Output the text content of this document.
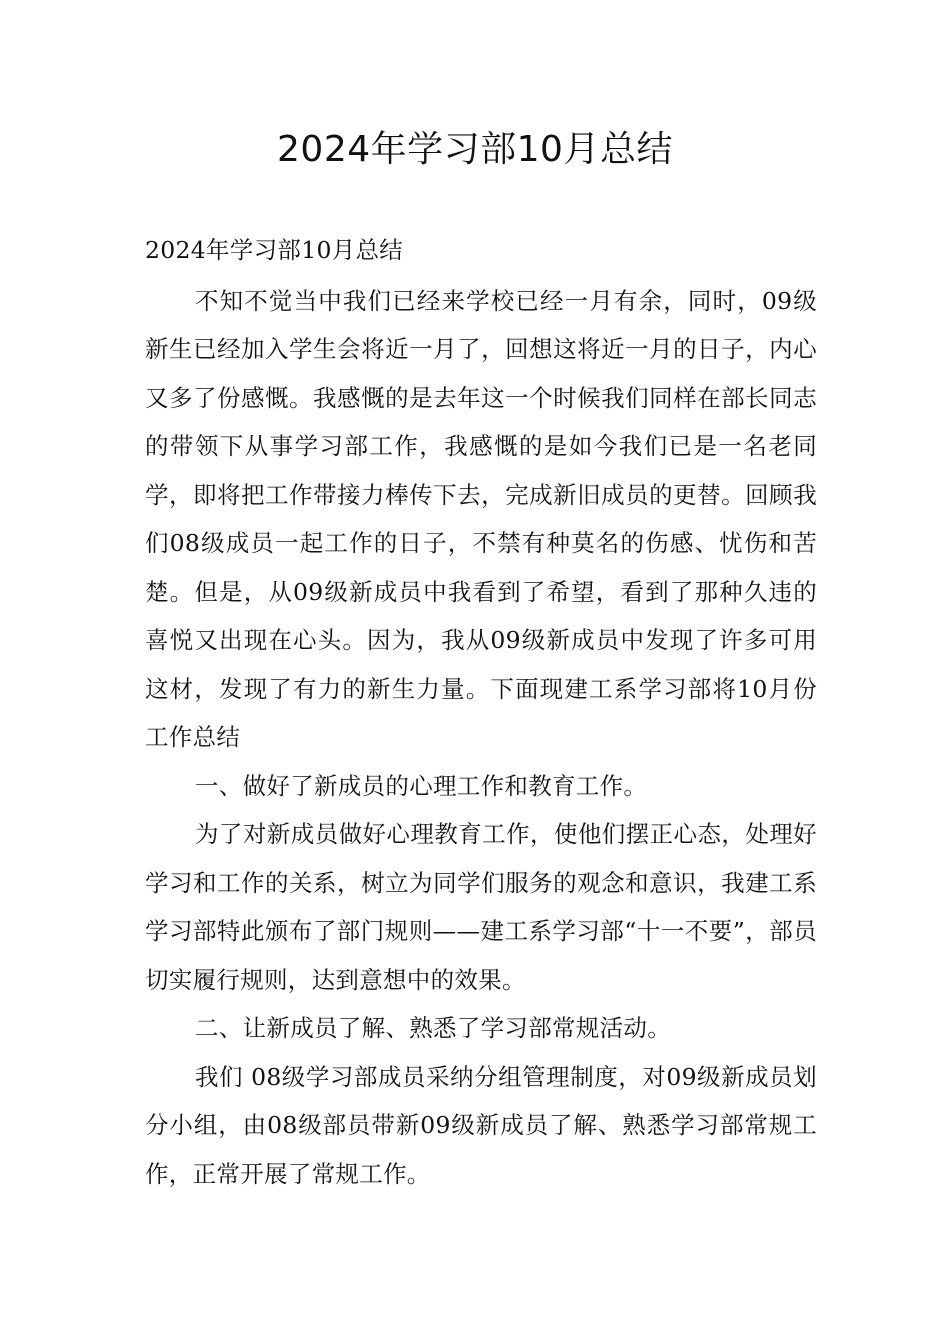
2024年学习部10月总结

2024年学习部10月总结

不知不觉当中我们已经来学校已经一月有余，同时，09级新生已经加入学生会将近一月了，回想这将近一月的日子，内心又多了份感慨。我感慨的是去年这一个时候我们同样在部长同志的带领下从事学习部工作，我感慨的是如今我们已是一名老同学，即将把工作带接力棒传下去，完成新旧成员的更替。回顾我们08级成员一起工作的日子，不禁有种莫名的伤感、忧伤和苦楚。但是，从09级新成员中我看到了希望，看到了那种久违的喜悦又出现在心头。因为，我从09级新成员中发现了许多可用这材，发现了有力的新生力量。下面现建工系学习部将10月份工作总结

一、做好了新成员的心理工作和教育工作。

为了对新成员做好心理教育工作，使他们摆正心态，处理好学习和工作的关系，树立为同学们服务的观念和意识，我建工系学习部特此颁布了部门规则——建工系学习部“十一不要”，部员切实履行规则，达到意想中的效果。

二、让新成员了解、熟悉了学习部常规活动。

我们 08级学习部成员采纳分组管理制度，对09级新成员划分小组，由08级部员带新09级新成员了解、熟悉学习部常规工作，正常开展了常规工作。
